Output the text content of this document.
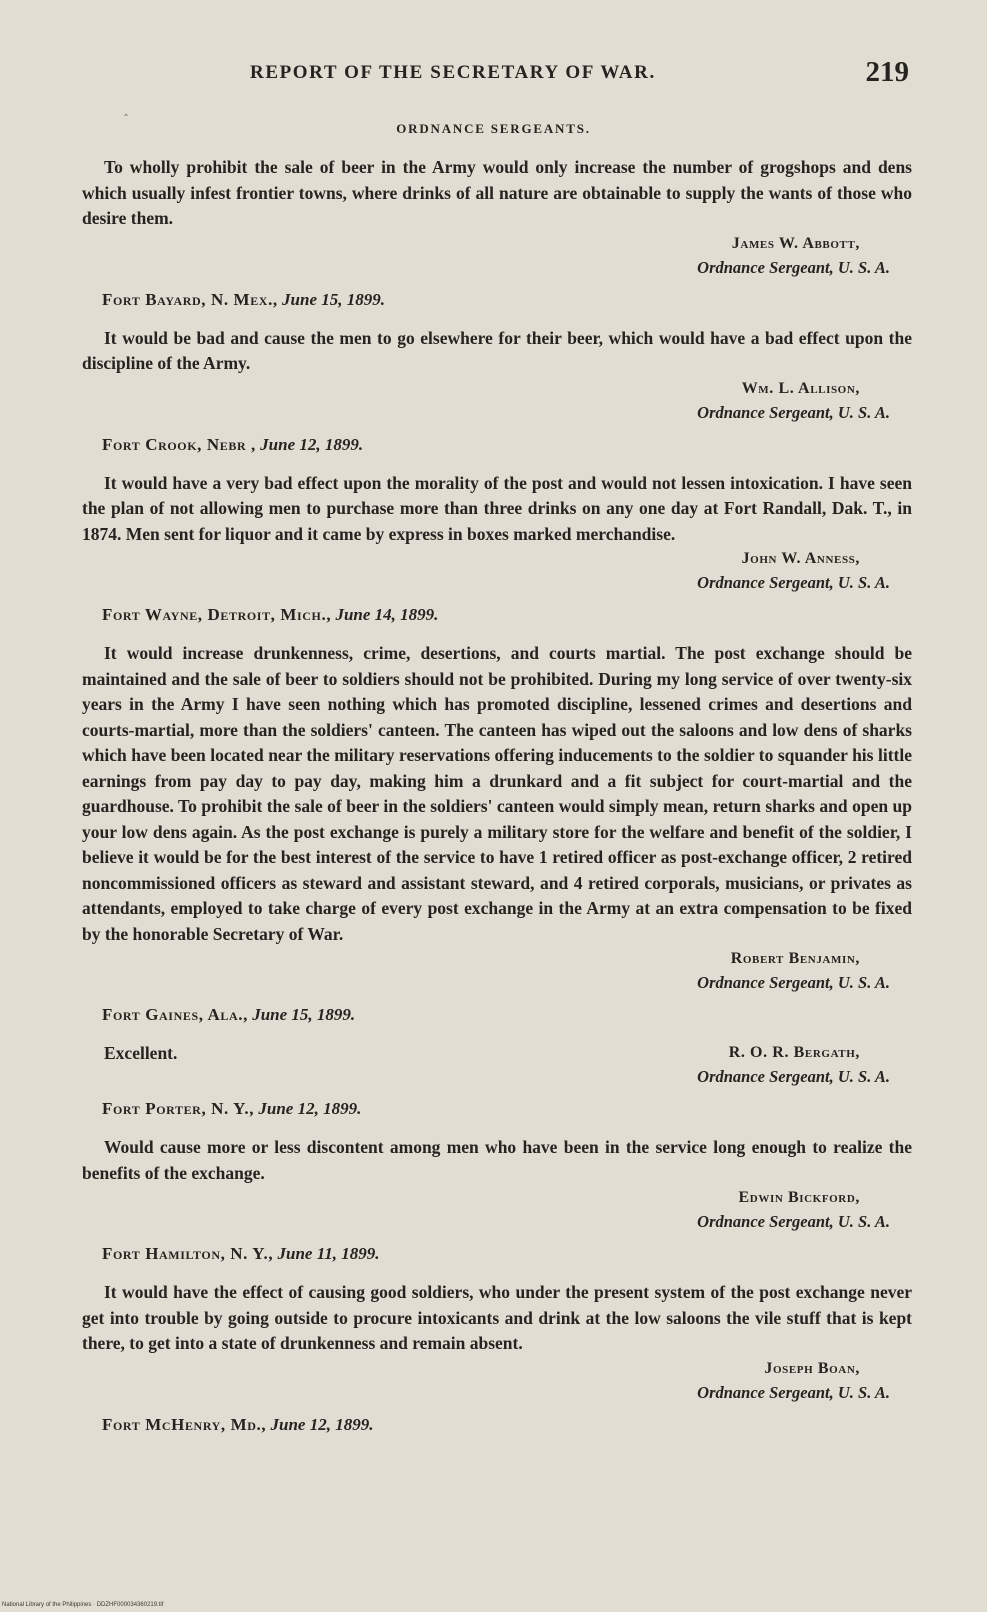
‸
REPORT OF THE SECRETARY OF WAR.	219
ORDNANCE SERGEANTS.

To wholly prohibit the sale of beer in the Army would only increase the number of grogshops and dens which usually infest frontier towns, where drinks of all nature are obtainable to supply the wants of those who desire them.

James W. Abbott,
Ordnance Sergeant, U. S. A.
Fort Bayard, N. Mex., June 15, 1899.

It would be bad and cause the men to go elsewhere for their beer, which would have a bad effect upon the discipline of the Army.

Wm. L. Allison,
Ordnance Sergeant, U. S. A.
Fort Crook, Nebr , June 12, 1899.

It would have a very bad effect upon the morality of the post and would not lessen intoxication. I have seen the plan of not allowing men to purchase more than three drinks on any one day at Fort Randall, Dak. T., in 1874. Men sent for liquor and it came by express in boxes marked merchandise.

John W. Anness,
Ordnance Sergeant, U. S. A.
Fort Wayne, Detroit, Mich., June 14, 1899.

It would increase drunkenness, crime, desertions, and courts martial. The post exchange should be maintained and the sale of beer to soldiers should not be prohibited. During my long service of over twenty-six years in the Army I have seen nothing which has promoted discipline, lessened crimes and desertions and courts-martial, more than the soldiers' canteen. The canteen has wiped out the saloons and low dens of sharks which have been located near the military reservations offering inducements to the soldier to squander his little earnings from pay day to pay day, making him a drunkard and a fit subject for court-martial and the guardhouse. To prohibit the sale of beer in the soldiers' canteen would simply mean, return sharks and open up your low dens again. As the post exchange is purely a military store for the welfare and benefit of the soldier, I believe it would be for the best interest of the service to have 1 retired officer as post-exchange officer, 2 retired noncommissioned officers as steward and assistant steward, and 4 retired corporals, musicians, or privates as attendants, employed to take charge of every post exchange in the Army at an extra compensation to be fixed by the honorable Secretary of War.

Robert Benjamin,
Ordnance Sergeant, U. S. A.
Fort Gaines, Ala., June 15, 1899.

Excellent.	R. O. R. Bergath,
Ordnance Sergeant, U. S. A.
Fort Porter, N. Y., June 12, 1899.

Would cause more or less discontent among men who have been in the service long enough to realize the benefits of the exchange.

Edwin Bickford,
Ordnance Sergeant, U. S. A.
Fort Hamilton, N. Y., June 11, 1899.

It would have the effect of causing good soldiers, who under the present system of the post exchange never get into trouble by going outside to procure intoxicants and drink at the low saloons the vile stuff that is kept there, to get into a state of drunkenness and remain absent.

Joseph Boan,
Ordnance Sergeant, U. S. A.
Fort McHenry, Md., June 12, 1899.
National Library of the Philippines · DDZHF000034360219.tif
